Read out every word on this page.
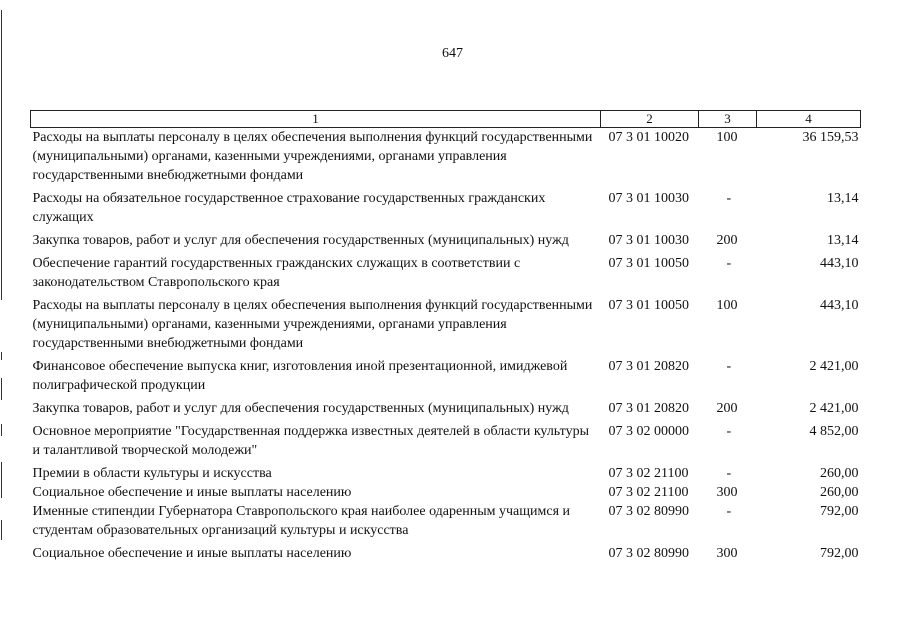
647
1	2	3	4
Расходы на выплаты персоналу в целях обеспечения выполнения функций государственными (муниципальными) органами, казенными учреждениями, органами управления государственными внебюджетными фондами	07 3 01 10020	100	36 159,53
Расходы на обязательное государственное страхование государственных гражданских служащих	07 3 01 10030	-	13,14
Закупка товаров, работ и услуг для обеспечения государственных (муниципальных) нужд	07 3 01 10030	200	13,14
Обеспечение гарантий государственных гражданских служащих в соответствии с законодательством Ставропольского края	07 3 01 10050	-	443,10
Расходы на выплаты персоналу в целях обеспечения выполнения функций государственными (муниципальными) органами, казенными учреждениями, органами управления государственными внебюджетными фондами	07 3 01 10050	100	443,10
Финансовое обеспечение выпуска книг, изготовления иной презентационной, имиджевой полиграфической продукции	07 3 01 20820	-	2 421,00
Закупка товаров, работ и услуг для обеспечения государственных (муниципальных) нужд	07 3 01 20820	200	2 421,00
Основное мероприятие "Государственная поддержка известных деятелей в области культуры и талантливой творческой молодежи"	07 3 02 00000	-	4 852,00
Премии в области культуры и искусства	07 3 02 21100	-	260,00
Социальное обеспечение и иные выплаты населению	07 3 02 21100	300	260,00
Именные стипендии Губернатора Ставропольского края наиболее одаренным учащимся и студентам образовательных организаций культуры и искусства	07 3 02 80990	-	792,00
Социальное обеспечение и иные выплаты населению	07 3 02 80990	300	792,00
